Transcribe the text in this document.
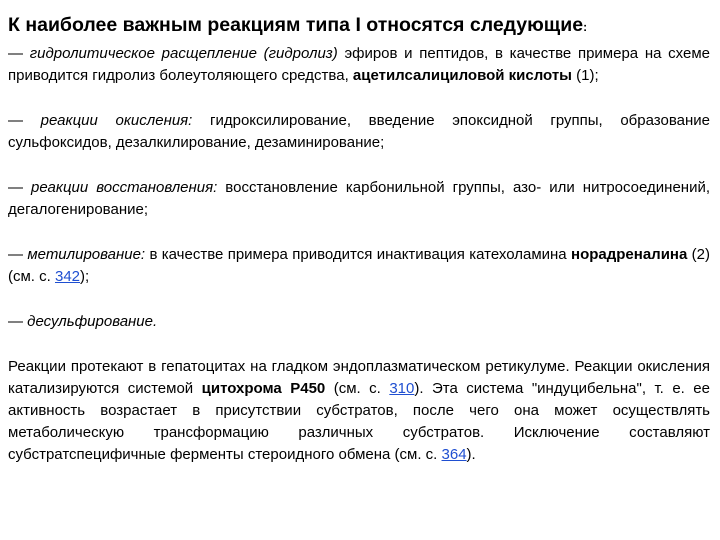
К наиболее важным реакциям типа I относятся следующие:

— гидролитическое расщепление (гидролиз) эфиров и пептидов, в качестве примера на схеме приводится гидролиз болеутоляющего средства, ацетилсалициловой кислоты (1);

— реакции окисления: гидроксилирование, введение эпоксидной группы, образование сульфоксидов, дезалкилирование, дезаминирование;

— реакции восстановления: восстановление карбонильной группы, азо- или нитросоединений, дегалогенирование;

— метилирование: в качестве примера приводится инактивация катехоламина норадреналина (2) (см. с. 342);

— десульфирование.

Реакции протекают в гепатоцитах на гладком эндоплазматическом ретикулуме. Реакции окисления катализируются системой цитохрома P450 (см. с. 310). Эта система "индуцибельна", т. е. ее активность возрастает в присутствии субстратов, после чего она может осуществлять метаболическую трансформацию различных субстратов. Исключение составляют субстратспецифичные ферменты стероидного обмена (см. с. 364).
